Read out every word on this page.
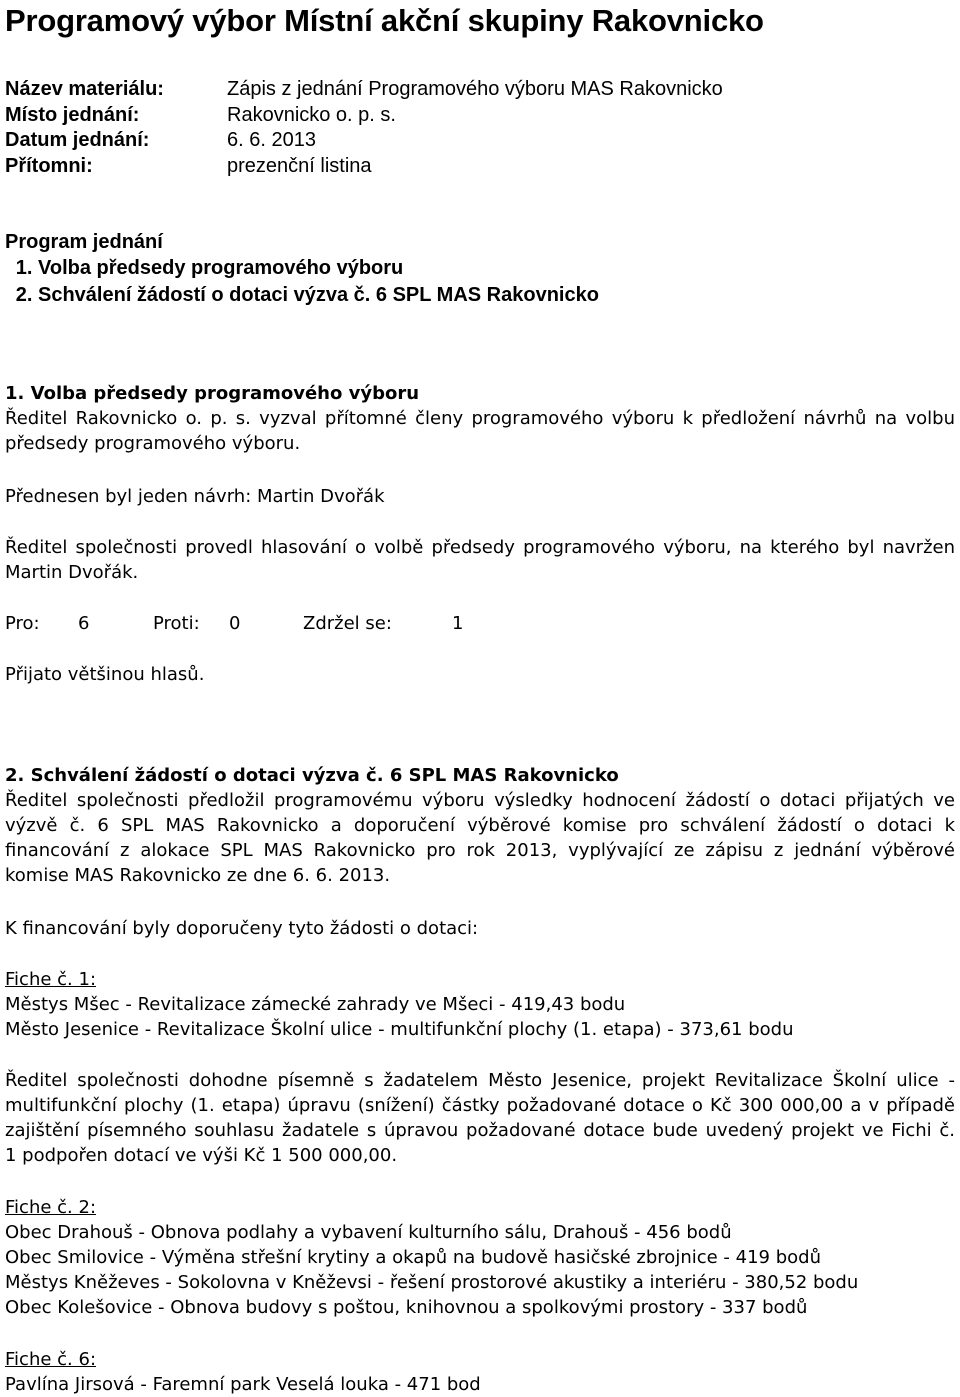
Programový výbor Místní akční skupiny Rakovnicko
Název materiálu:	Zápis z jednání Programového výboru MAS Rakovnicko
Místo jednání:	Rakovnicko o. p. s.
Datum jednání:	6. 6. 2013
Přítomni:	prezenční listina
Program jednání
1. Volba předsedy programového výboru
2. Schválení žádostí o dotaci výzva č. 6 SPL MAS Rakovnicko
1. Volba předsedy programového výboru
Ředitel Rakovnicko o. p. s. vyzval přítomné členy programového výboru k předložení návrhů na volbu
předsedy programového výboru.
Přednesen byl jeden návrh: Martin Dvořák
Ředitel společnosti provedl hlasování o volbě předsedy programového výboru, na kterého byl navržen
Martin Dvořák.
Pro: 6	Proti: 0	Zdržel se:	1
Přijato většinou hlasů.
2. Schválení žádostí o dotaci výzva č. 6 SPL MAS Rakovnicko
Ředitel společnosti předložil programovému výboru výsledky hodnocení žádostí o dotaci přijatých ve
výzvě č. 6 SPL MAS Rakovnicko a doporučení výběrové komise pro schválení žádostí o dotaci k
financování z alokace SPL MAS Rakovnicko pro rok 2013, vyplývající ze zápisu z jednání výběrové
komise MAS Rakovnicko ze dne 6. 6. 2013.
K financování byly doporučeny tyto žádosti o dotaci:
Fiche č. 1:
Městys Mšec - Revitalizace zámecké zahrady ve Mšeci - 419,43 bodu
Město Jesenice - Revitalizace Školní ulice - multifunkční plochy (1. etapa) - 373,61 bodu
Ředitel společnosti dohodne písemně s žadatelem Město Jesenice, projekt Revitalizace Školní ulice -
multifunkční plochy (1. etapa) úpravu (snížení) částky požadované dotace o Kč 300 000,00 a v případě
zajištění písemného souhlasu žadatele s úpravou požadované dotace bude uvedený projekt ve Fichi č.
1 podpořen dotací ve výši Kč 1 500 000,00.
Fiche č. 2:
Obec Drahouš - Obnova podlahy a vybavení kulturního sálu, Drahouš - 456 bodů
Obec Smilovice - Výměna střešní krytiny a okapů na budově hasičské zbrojnice - 419 bodů
Městys Kněževes - Sokolovna v Kněževsi - řešení prostorové akustiky a interiéru - 380,52 bodu
Obec Kolešovice - Obnova budovy s poštou, knihovnou a spolkovými prostory - 337 bodů
Fiche č. 6:
Pavlína Jirsová - Faremní park Veselá louka - 471 bod
